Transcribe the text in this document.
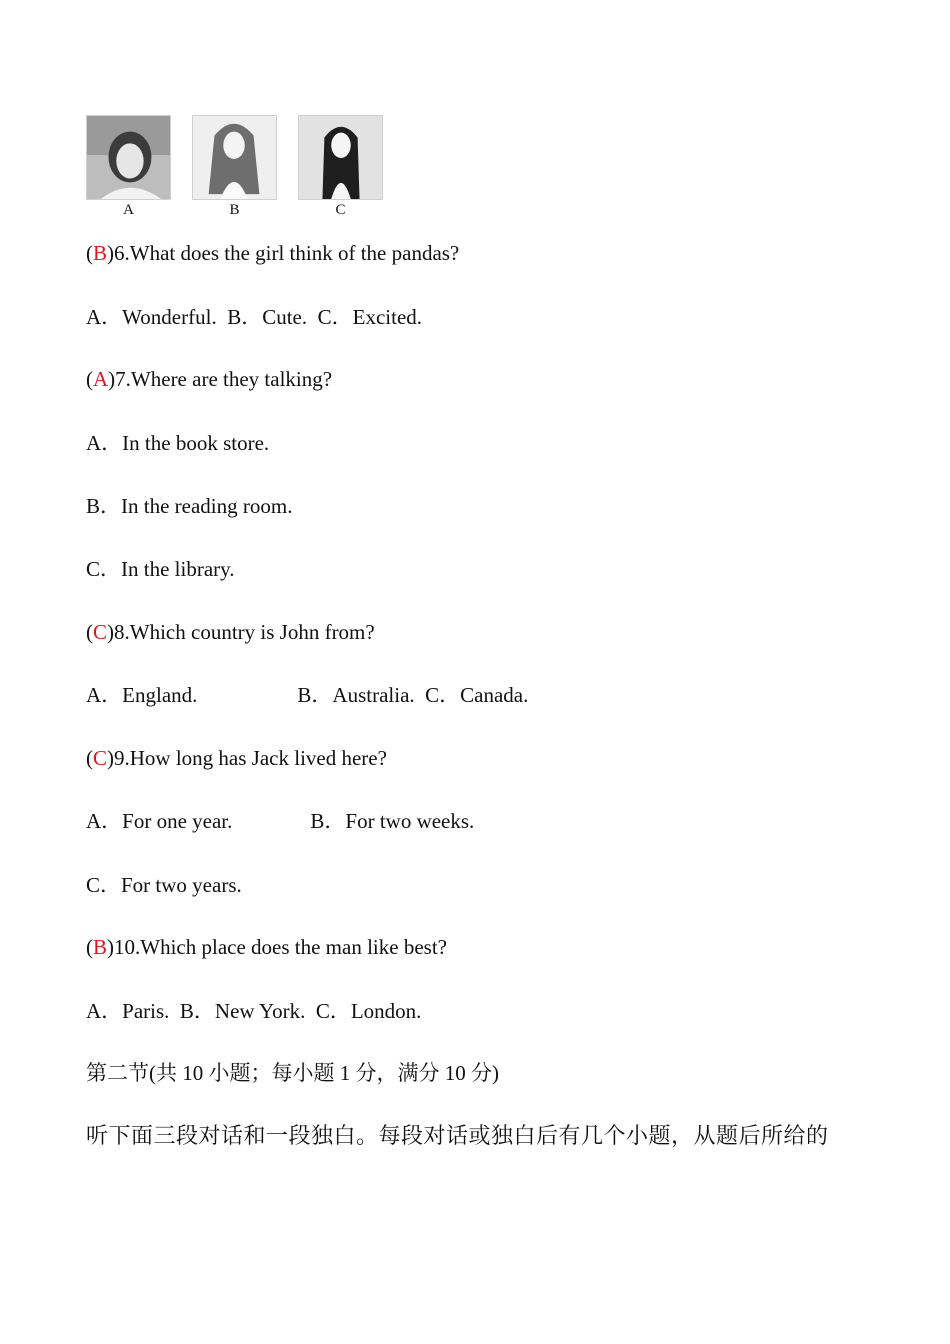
A	B	C
(B)6.What does the girl think of the pandas?
A．Wonderful.  B．Cute.  C．Excited.
(A)7.Where are they talking?
A．In the book store.
B．In the reading room.
C．In the library.
(C)8.Which country is John from?
A．England.	B．Australia.  C．Canada.
(C)9.How long has Jack lived here?
A．For one year.	B．For two weeks.
C．For two years.
(B)10.Which place does the man like best?
A．Paris.  B．New York.  C．London.
第二节(共 10 小题；每小题 1 分，满分 10 分)
听下面三段对话和一段独白。每段对话或独白后有几个小题，从题后所给的
